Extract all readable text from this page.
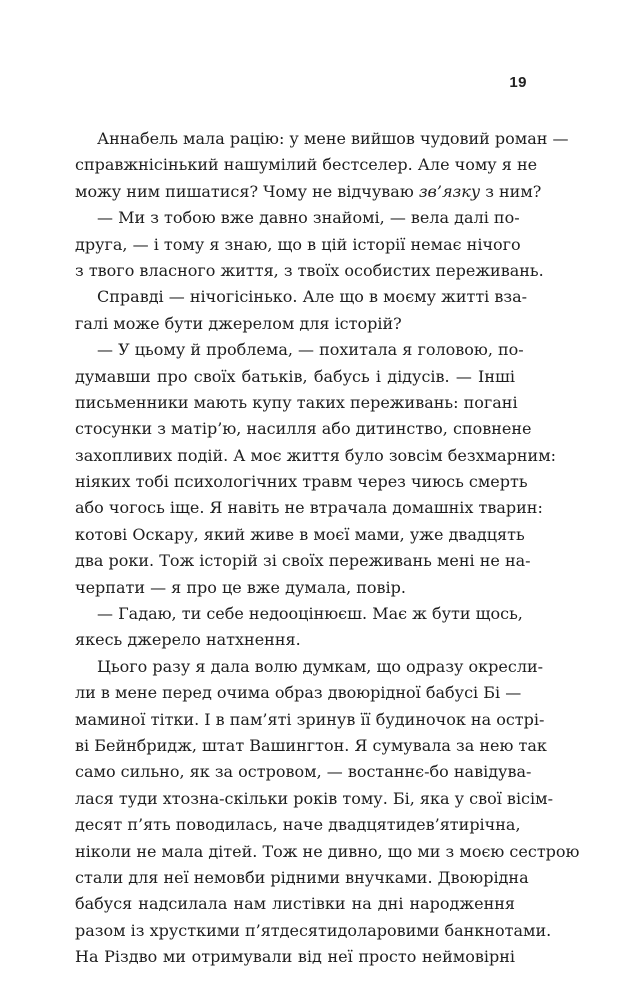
19
Аннабель мала рацію: у мене вийшов чудовий роман —
справжнісінький нашумілий бестселер. Але чому я не
можу ним пишатися? Чому не відчуваю зв’язку з ним?
— Ми з тобою вже давно знайомі, — вела далі по-
друга, — і тому я знаю, що в цій історії немає нічого
з твого власного життя, з твоїх особистих переживань.
Справді — нічогісінько. Але що в моєму житті вза-
галі може бути джерелом для історій?
— У цьому й проблема, — похитала я головою, по-
думавши про своїх батьків, бабусь і дідусів. — Інші
письменники мають купу таких переживань: погані
стосунки з матір’ю, насилля або дитинство, сповнене
захопливих подій. А моє життя було зовсім безхмарним:
ніяких тобі психологічних травм через чиюсь смерть
або чогось іще. Я навіть не втрачала домашніх тварин:
котові Оскару, який живе в моєї мами, уже двадцять
два роки. Тож історій зі своїх переживань мені не на-
черпати — я про це вже думала, повір.
— Гадаю, ти себе недооцінюєш. Має ж бути щось,
якесь джерело натхнення.
Цього разу я дала волю думкам, що одразу окресли-
ли в мене перед очима образ двоюрідної бабусі Бі —
маминої тітки. І в пам’яті зринув її будиночок на острі-
ві Бейнбридж, штат Вашингтон. Я сумувала за нею так
само сильно, як за островом, — востаннє-бо навідува-
лася туди хтозна-скільки років тому. Бі, яка у свої вісім-
десят п’ять поводилась, наче двадцятидев’ятирічна,
ніколи не мала дітей. Тож не дивно, що ми з моєю сестрою
стали для неї немовби рідними внучками. Двоюрідна
бабуся надсилала нам листівки на дні народження
разом із хрусткими п’ятдесятидоларовими банкнотами.
На Різдво ми отримували від неї просто неймовірні
